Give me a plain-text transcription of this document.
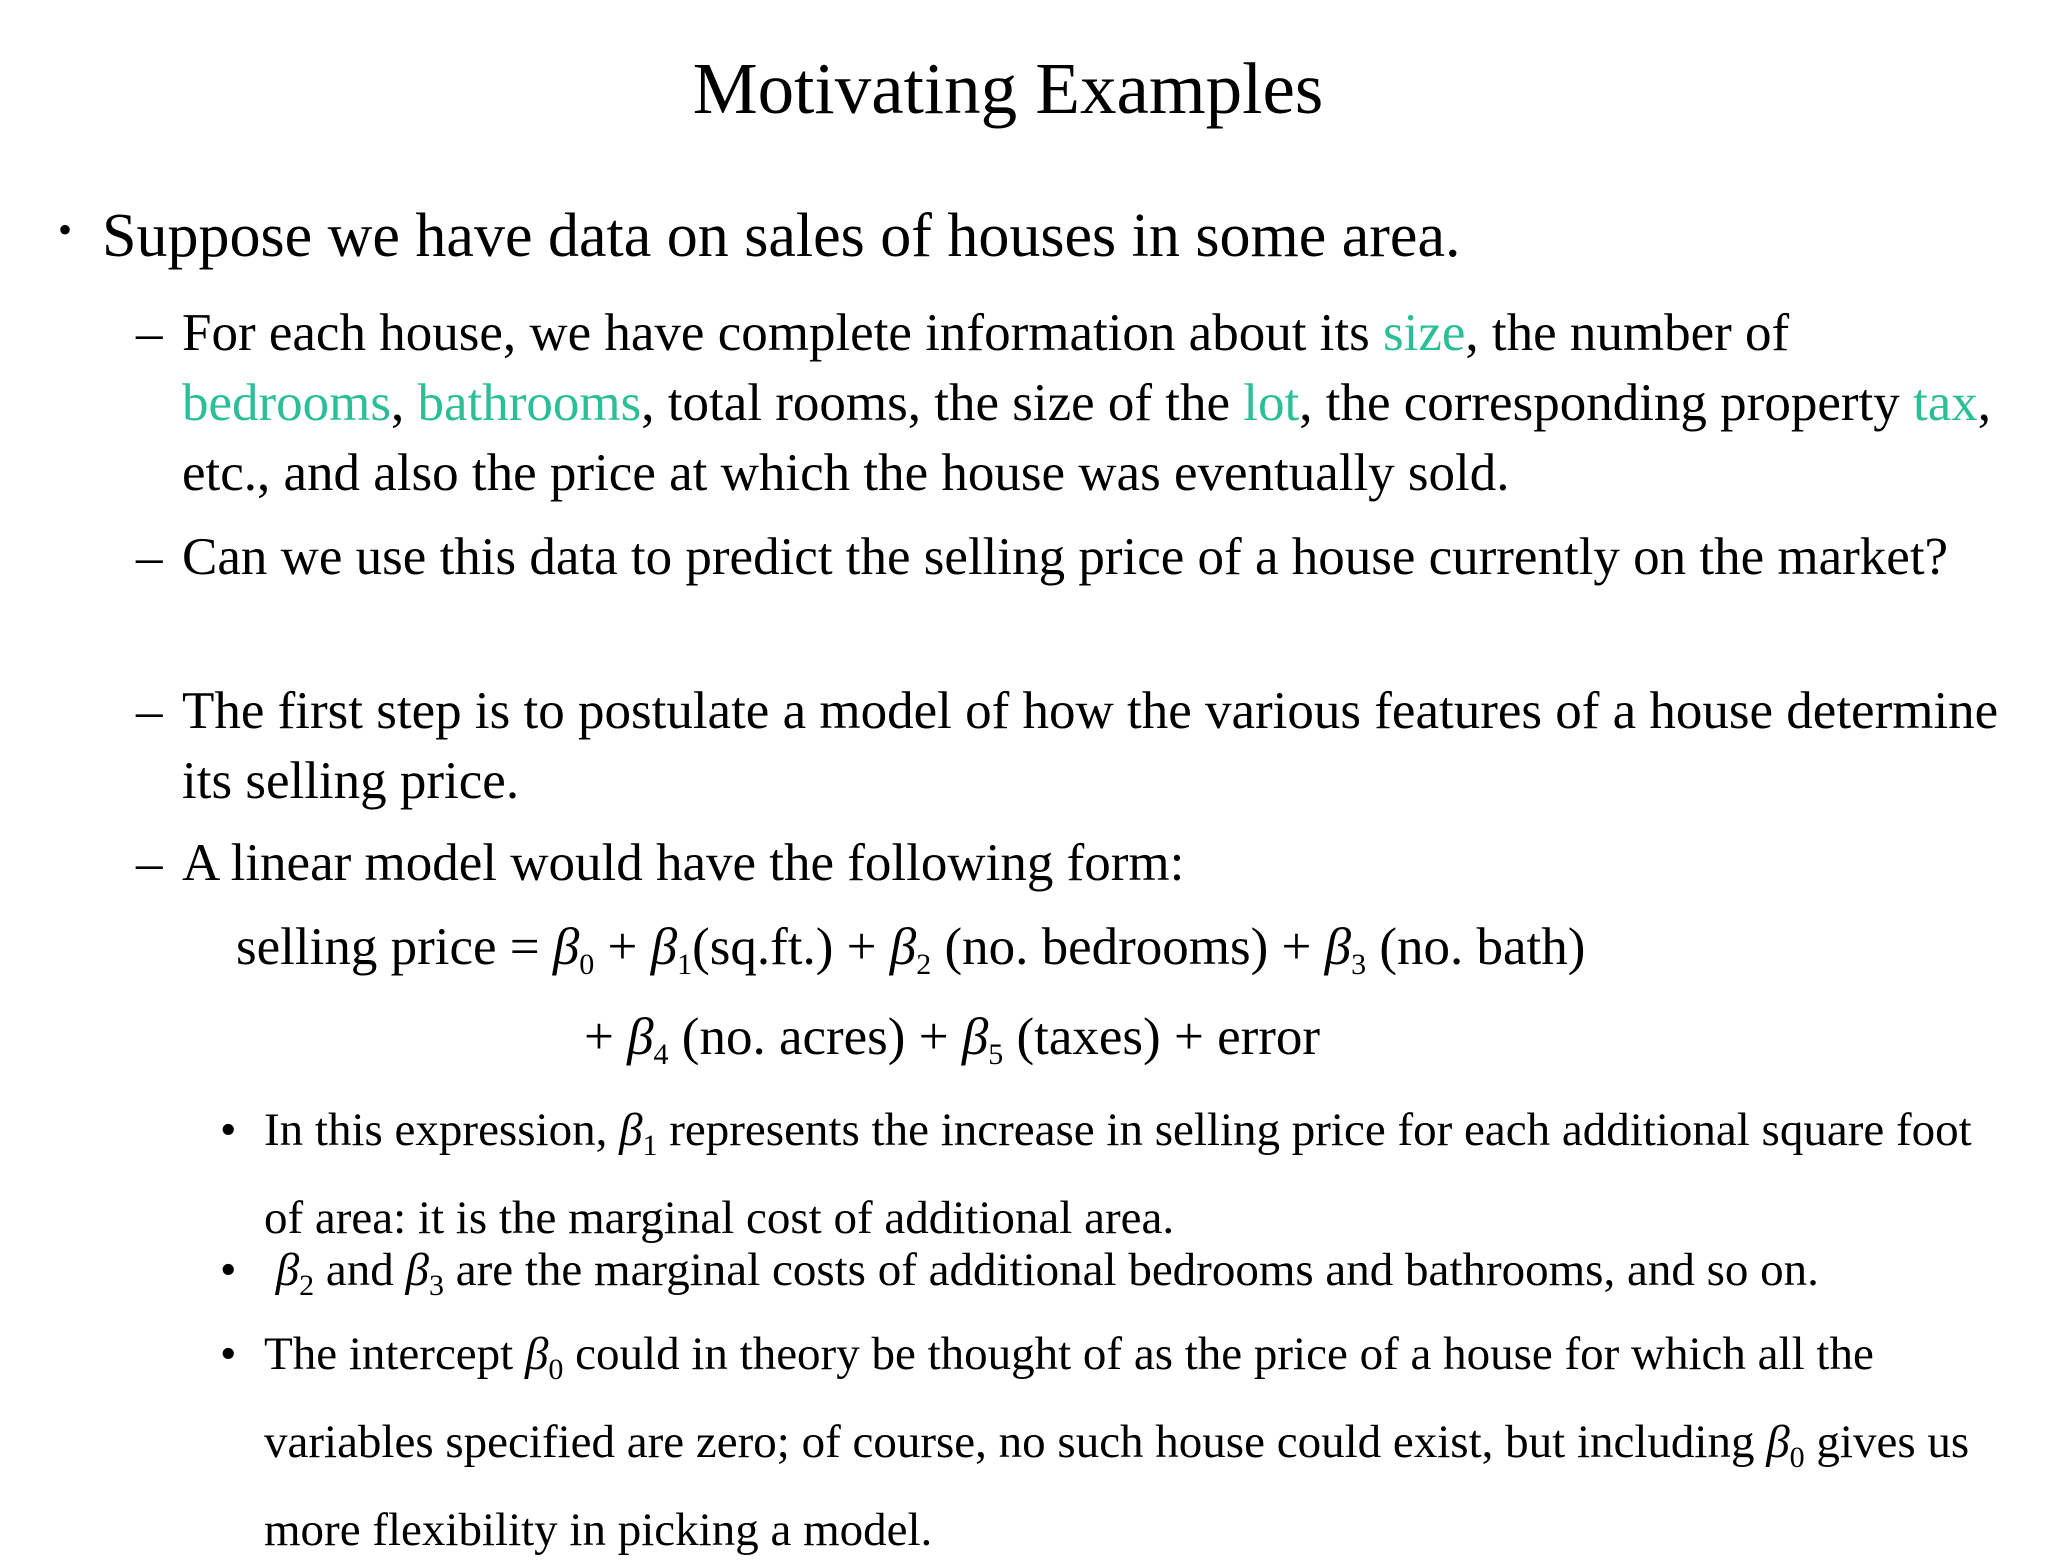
Motivating Examples
• Suppose we have data on sales of houses in some area.
– For each house, we have complete information about its size, the number of bedrooms, bathrooms, total rooms, the size of the lot, the corresponding property tax, etc., and also the price at which the house was eventually sold.
– Can we use this data to predict the selling price of a house currently on the market?
– The first step is to postulate a model of how the various features of a house determine its selling price.
– A linear model would have the following form:
selling price = β0 + β1(sq.ft.) + β2 (no. bedrooms) + β3 (no. bath)
+ β4 (no. acres) + β5 (taxes) + error
• In this expression, $\beta_1$ represents the increase in selling price for each additional square foot of area: it is the marginal cost of additional area.
• $\beta_2$ and $\beta_3$ are the marginal costs of additional bedrooms and bathrooms, and so on.
• The intercept $\beta_0$ could in theory be thought of as the price of a house for which all the variables specified are zero; of course, no such house could exist, but including $\beta_0$ gives us more flexibility in picking a model.
